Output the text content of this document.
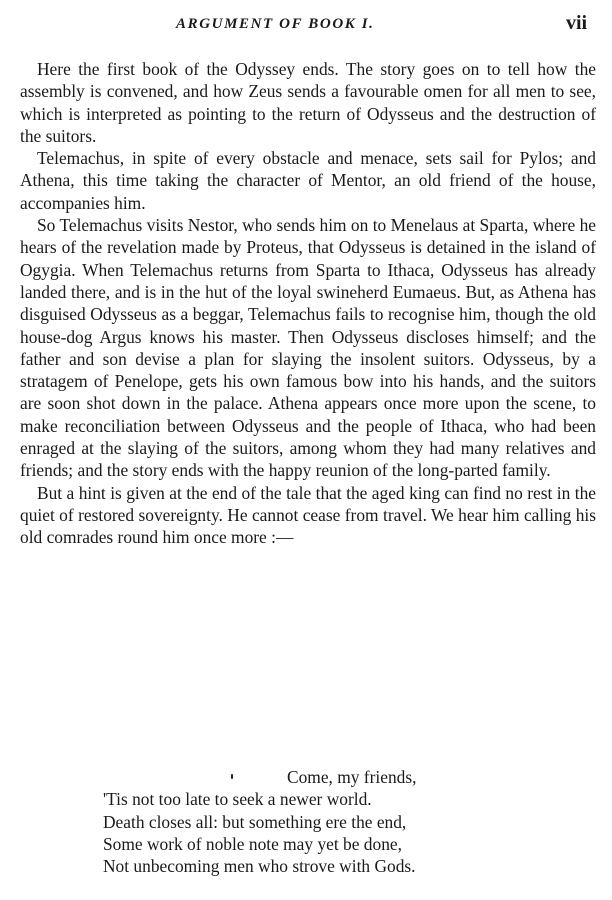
ARGUMENT OF BOOK I.	vii

Here the first book of the Odyssey ends. The story goes on to tell how the assembly is convened, and how Zeus sends a favourable omen for all men to see, which is interpreted as pointing to the return of Odysseus and the destruction of the suitors.

Telemachus, in spite of every obstacle and menace, sets sail for Pylos; and Athena, this time taking the character of Mentor, an old friend of the house, accompanies him.

So Telemachus visits Nestor, who sends him on to Menelaus at Sparta, where he hears of the revelation made by Proteus, that Odysseus is detained in the island of Ogygia. When Telemachus returns from Sparta to Ithaca, Odysseus has already landed there, and is in the hut of the loyal swineherd Eumaeus. But, as Athena has disguised Odysseus as a beggar, Telemachus fails to recognise him, though the old house-dog Argus knows his master. Then Odysseus discloses himself; and the father and son devise a plan for slaying the insolent suitors. Odysseus, by a stratagem of Penelope, gets his own famous bow into his hands, and the suitors are soon shot down in the palace. Athena appears once more upon the scene, to make reconciliation between Odysseus and the people of Ithaca, who had been enraged at the slaying of the suitors, among whom they had many relatives and friends; and the story ends with the happy reunion of the long-parted family.

But a hint is given at the end of the tale that the aged king can find no rest in the quiet of restored sovereignty. He cannot cease from travel. We hear him calling his old comrades round him once more :—

Come, my friends,
'Tis not too late to seek a newer world.
Death closes all: but something ere the end,
Some work of noble note may yet be done,
Not unbecoming men who strove with Gods.
